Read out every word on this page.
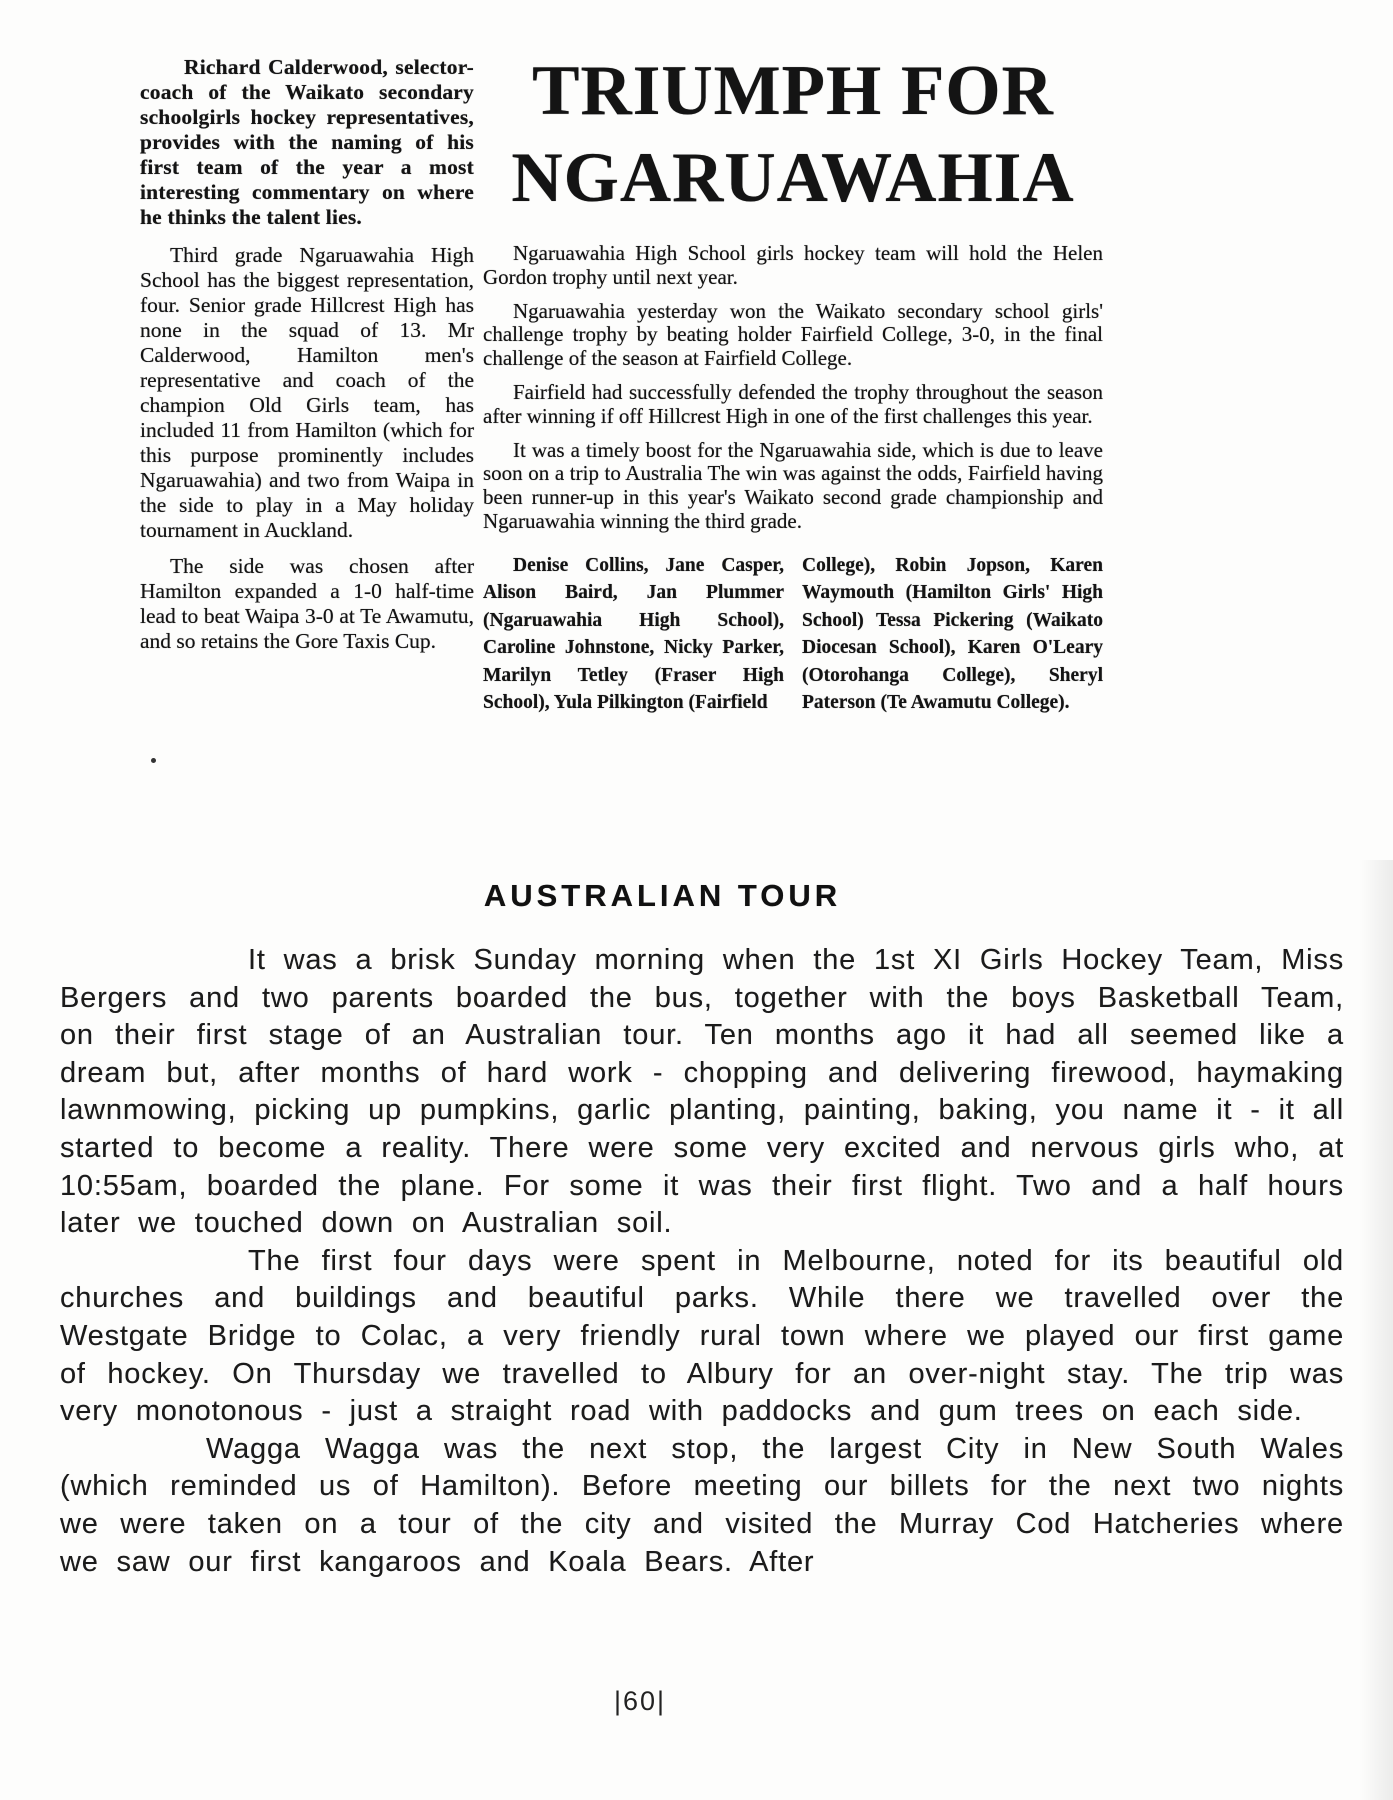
Richard Calderwood, selector-coach of the Waikato secondary schoolgirls hockey representatives, provides with the naming of his first team of the year a most interesting commentary on where he thinks the talent lies.

Third grade Ngaruawahia High School has the biggest representation, four. Senior grade Hillcrest High has none in the squad of 13. Mr Calderwood, Hamilton men's representative and coach of the champion Old Girls team, has included 11 from Hamilton (which for this purpose prominently includes Ngaruawahia) and two from Waipa in the side to play in a May holiday tournament in Auckland.

The side was chosen after Hamilton expanded a 1-0 half-time lead to beat Waipa 3-0 at Te Awamutu, and so retains the Gore Taxis Cup.

TRIUMPH FOR
NGARUAWAHIA

Ngaruawahia High School girls hockey team will hold the Helen Gordon trophy until next year.

Ngaruawahia yesterday won the Waikato secondary school girls' challenge trophy by beating holder Fairfield College, 3-0, in the final challenge of the season at Fairfield College.

Fairfield had successfully defended the trophy throughout the season after winning if off Hillcrest High in one of the first challenges this year.

It was a timely boost for the Ngaruawahia side, which is due to leave soon on a trip to Australia The win was against the odds, Fairfield having been runner-up in this year's Waikato second grade championship and Ngaruawahia winning the third grade.

Denise Collins, Jane Casper, Alison Baird, Jan Plummer (Ngaruawahia High School), Caroline Johnstone, Nicky Parker, Marilyn Tetley (Fraser High School), Yula Pilkington (Fairfield
College), Robin Jopson, Karen Waymouth (Hamilton Girls' High School) Tessa Pickering (Waikato Diocesan School), Karen O'Leary (Otorohanga College), Sheryl Paterson (Te Awamutu College).
AUSTRALIAN TOUR

It was a brisk Sunday morning when the 1st XI Girls Hockey Team, Miss Bergers and two parents boarded the bus, together with the boys Basketball Team, on their first stage of an Australian tour. Ten months ago it had all seemed like a dream but, after months of hard work - chopping and delivering firewood, haymaking lawnmowing, picking up pumpkins, garlic planting, painting, baking, you name it - it all started to become a reality. There were some very excited and nervous girls who, at 10:55am, boarded the plane. For some it was their first flight. Two and a half hours later we touched down on Australian soil.

The first four days were spent in Melbourne, noted for its beautiful old churches and buildings and beautiful parks. While there we travelled over the Westgate Bridge to Colac, a very friendly rural town where we played our first game of hockey. On Thursday we travelled to Albury for an over-night stay. The trip was very monotonous - just a straight road with paddocks and gum trees on each side.

Wagga Wagga was the next stop, the largest City in New South Wales (which reminded us of Hamilton). Before meeting our billets for the next two nights we were taken on a tour of the city and visited the Murray Cod Hatcheries where we saw our first kangaroos and Koala Bears. After

|60|
